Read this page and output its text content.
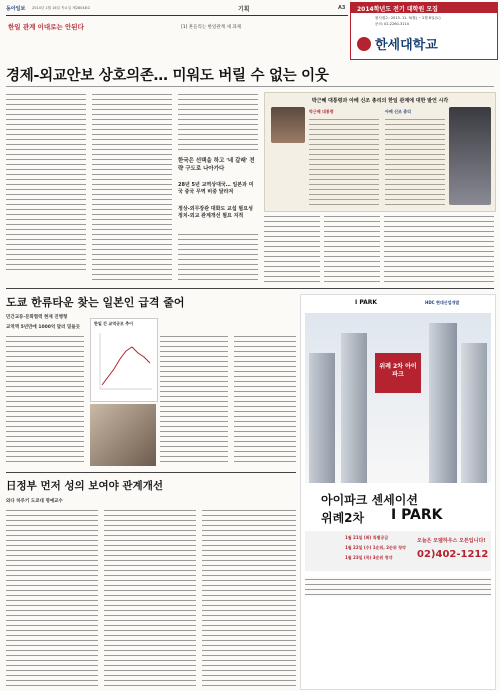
동아일보 2014년 1월 16일 목요일 제28048호	기획	A3
한일 관계 이대로는 안된다	[1] 흔들리는 한일관계 새 과제
2014학년도 전기 대학원 모집
원서접수: 2013. 11. 9(월) ~ 2월 8일(토)
문의: 02-2260-3114
한세대학교
경제-외교안보 상호의존… 미워도 버릴 수 없는 이웃
한국은 선택을 하고 '네 갈래' 전략 구도로 나아가다
28년 5년 교역상대국… 일본과 미국 중국 무역 비중 달라져
정상-외무장관 대화도 교섭 필요성 정치-외교 관계개선 필요 지적
박근혜 대통령과 아베 신조 총리의 한일 관계에 대한 발언 시각
박근혜 대통령	아베 신조 총리
도쿄 한류타운 찾는 일본인 급격 줄어
민간교류·문화협력 현재 진행형
교역액 5년만에 1000억 달러 밑돌듯
한일 간 교역규모 추이
日정부 먼저 성의 보여야 관계개선
와다 하루키 도쿄대 명예교수
I PARK	HDC 현대산업개발
위례 2차 아이파크
아이파크 센세이션
위례2차 I PARK
1월 21일 (화) 특별공급
1월 22일 (수) 1순위, 2순위 청약
1월 23일 (목) 3순위 청약
오늘은 모델하우스 오픈입니다!
02)402-1212
